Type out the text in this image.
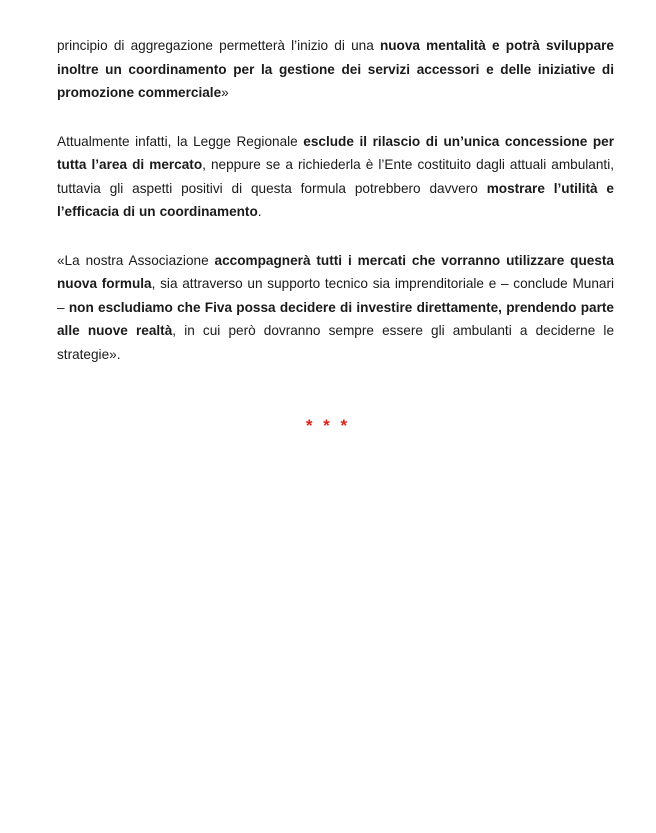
principio di aggregazione permetterà l’inizio di una nuova mentalità e potrà sviluppare inoltre un coordinamento per la gestione dei servizi accessori e delle iniziative di promozione commerciale»

Attualmente infatti, la Legge Regionale esclude il rilascio di un’unica concessione per tutta l’area di mercato, neppure se a richiederla è l’Ente costituito dagli attuali ambulanti, tuttavia gli aspetti positivi di questa formula potrebbero davvero mostrare l’utilità e l’efficacia di un coordinamento.

«La nostra Associazione accompagnerà tutti i mercati che vorranno utilizzare questa nuova formula, sia attraverso un supporto tecnico sia imprenditoriale e – conclude Munari – non escludiamo che Fiva possa decidere di investire direttamente, prendendo parte alle nuove realtà, in cui però dovranno sempre essere gli ambulanti a deciderne le strategie».

* * *
